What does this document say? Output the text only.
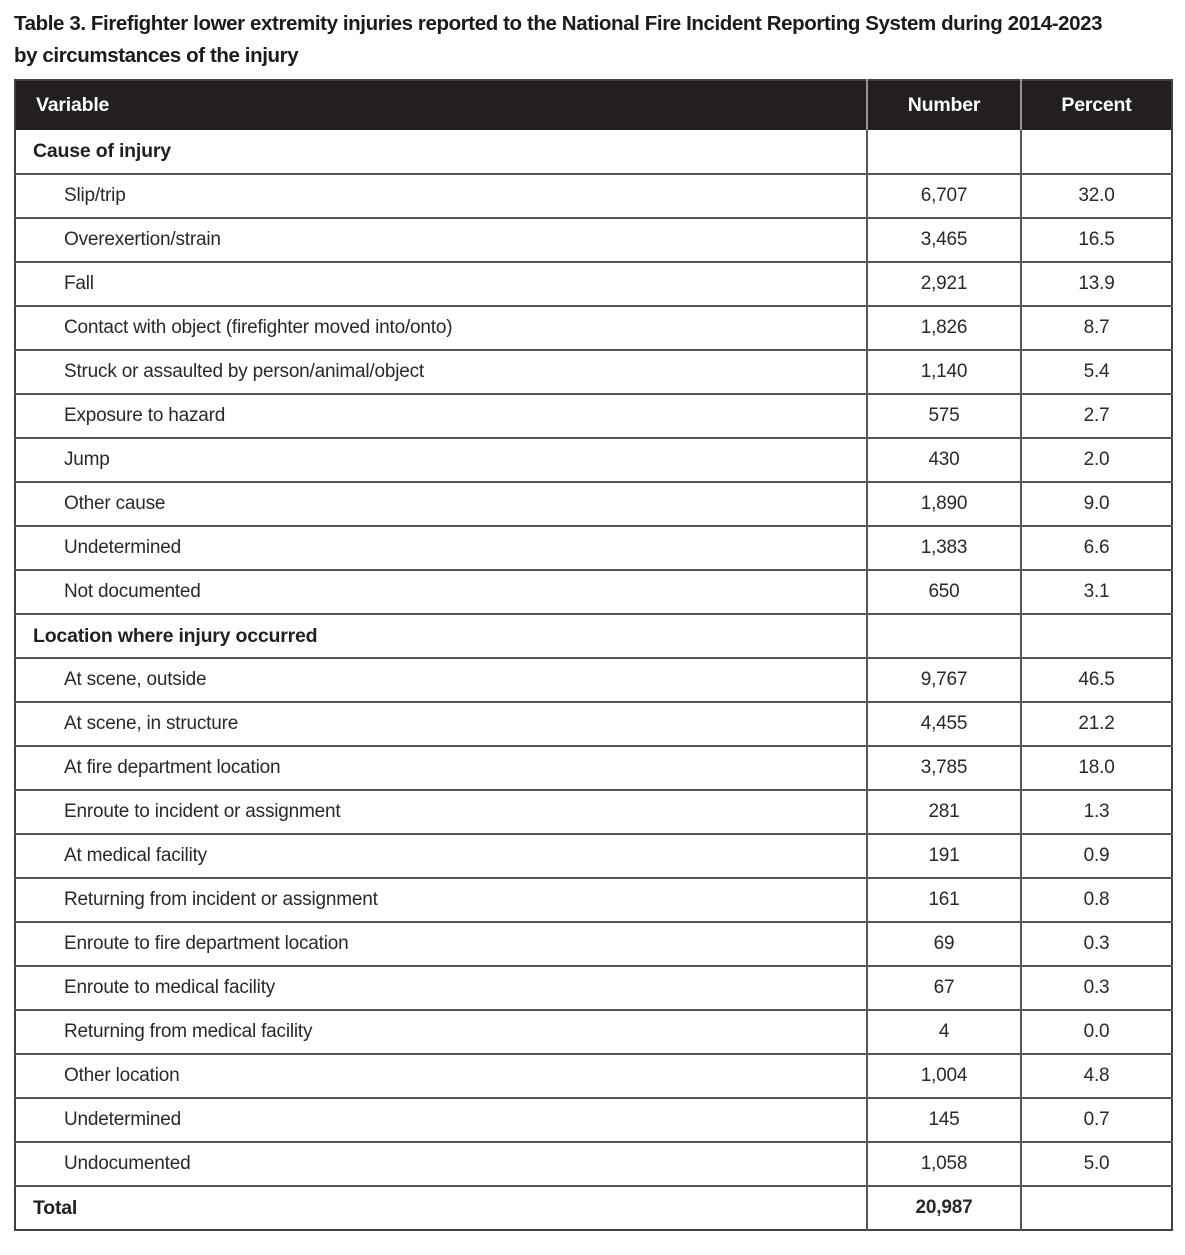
Table 3. Firefighter lower extremity injuries reported to the National Fire Incident Reporting System during 2014-2023
by circumstances of the injury
Variable	Number	Percent
Cause of injury		
Slip/trip	6,707	32.0
Overexertion/strain	3,465	16.5
Fall	2,921	13.9
Contact with object (firefighter moved into/onto)	1,826	8.7
Struck or assaulted by person/animal/object	1,140	5.4
Exposure to hazard	575	2.7
Jump	430	2.0
Other cause	1,890	9.0
Undetermined	1,383	6.6
Not documented	650	3.1
Location where injury occurred		
At scene, outside	9,767	46.5
At scene, in structure	4,455	21.2
At fire department location	3,785	18.0
Enroute to incident or assignment	281	1.3
At medical facility	191	0.9
Returning from incident or assignment	161	0.8
Enroute to fire department location	69	0.3
Enroute to medical facility	67	0.3
Returning from medical facility	4	0.0
Other location	1,004	4.8
Undetermined	145	0.7
Undocumented	1,058	5.0
Total	20,987	
